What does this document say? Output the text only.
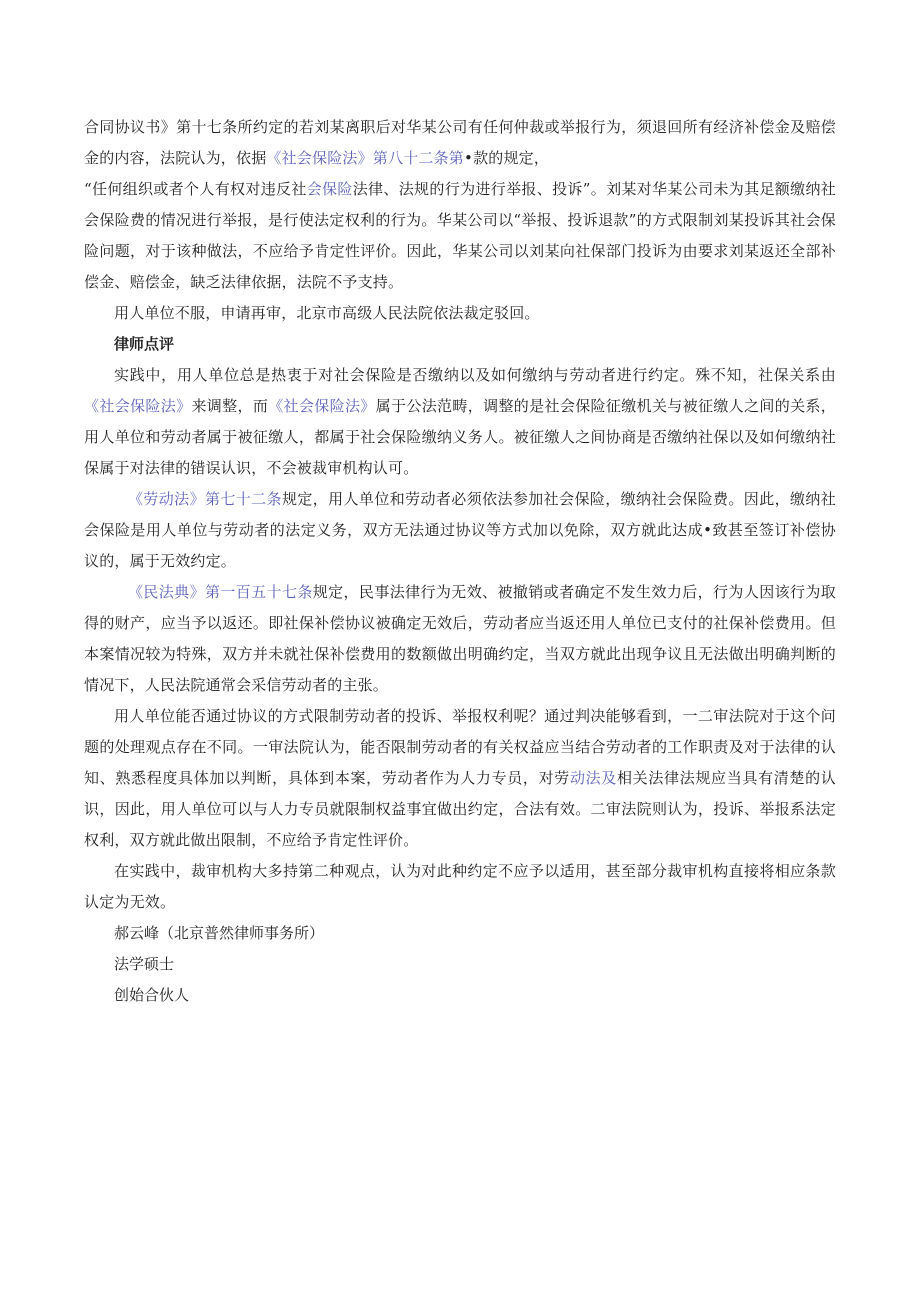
合同协议书》第十七条所约定的若刘某离职后对华某公司有任何仲裁或举报行为，须退回所有经济补偿金及赔偿金的内容，法院认为，依据《社会保险法》第八十二条第•款的规定，

“任何组织或者个人有权对违反社会保险法律、法规的行为进行举报、投诉”。刘某对华某公司未为其足额缴纳社会保险费的情况进行举报，是行使法定权利的行为。华某公司以“举报、投诉退款”的方式限制刘某投诉其社会保险问题，对于该种做法，不应给予肯定性评价。因此，华某公司以刘某向社保部门投诉为由要求刘某返还全部补偿金、赔偿金，缺乏法律依据，法院不予支持。

用人单位不服，申请再审，北京市高级人民法院依法裁定驳回。

律师点评

实践中，用人单位总是热衷于对社会保险是否缴纳以及如何缴纳与劳动者进行约定。殊不知，社保关系由《社会保险法》来调整，而《社会保险法》属于公法范畴，调整的是社会保险征缴机关与被征缴人之间的关系，用人单位和劳动者属于被征缴人，都属于社会保险缴纳义务人。被征缴人之间协商是否缴纳社保以及如何缴纳社保属于对法律的错误认识，不会被裁审机构认可。

《劳动法》第七十二条规定，用人单位和劳动者必须依法参加社会保险，缴纳社会保险费。因此，缴纳社会保险是用人单位与劳动者的法定义务，双方无法通过协议等方式加以免除，双方就此达成•致甚至签订补偿协议的，属于无效约定。

《民法典》第一百五十七条规定，民事法律行为无效、被撤销或者确定不发生效力后，行为人因该行为取得的财产，应当予以返还。即社保补偿协议被确定无效后，劳动者应当返还用人单位已支付的社保补偿费用。但本案情况较为特殊，双方并未就社保补偿费用的数额做出明确约定，当双方就此出现争议且无法做出明确判断的情况下，人民法院通常会采信劳动者的主张。

用人单位能否通过协议的方式限制劳动者的投诉、举报权利呢？通过判决能够看到，一二审法院对于这个问题的处理观点存在不同。一审法院认为，能否限制劳动者的有关权益应当结合劳动者的工作职责及对于法律的认知、熟悉程度具体加以判断，具体到本案，劳动者作为人力专员，对劳动法及相关法律法规应当具有清楚的认识，因此，用人单位可以与人力专员就限制权益事宜做出约定，合法有效。二审法院则认为，投诉、举报系法定权利，双方就此做出限制，不应给予肯定性评价。

在实践中，裁审机构大多持第二种观点，认为对此种约定不应予以适用，甚至部分裁审机构直接将相应条款认定为无效。

郝云峰（北京普然律师事务所）
法学硕士
创始合伙人
